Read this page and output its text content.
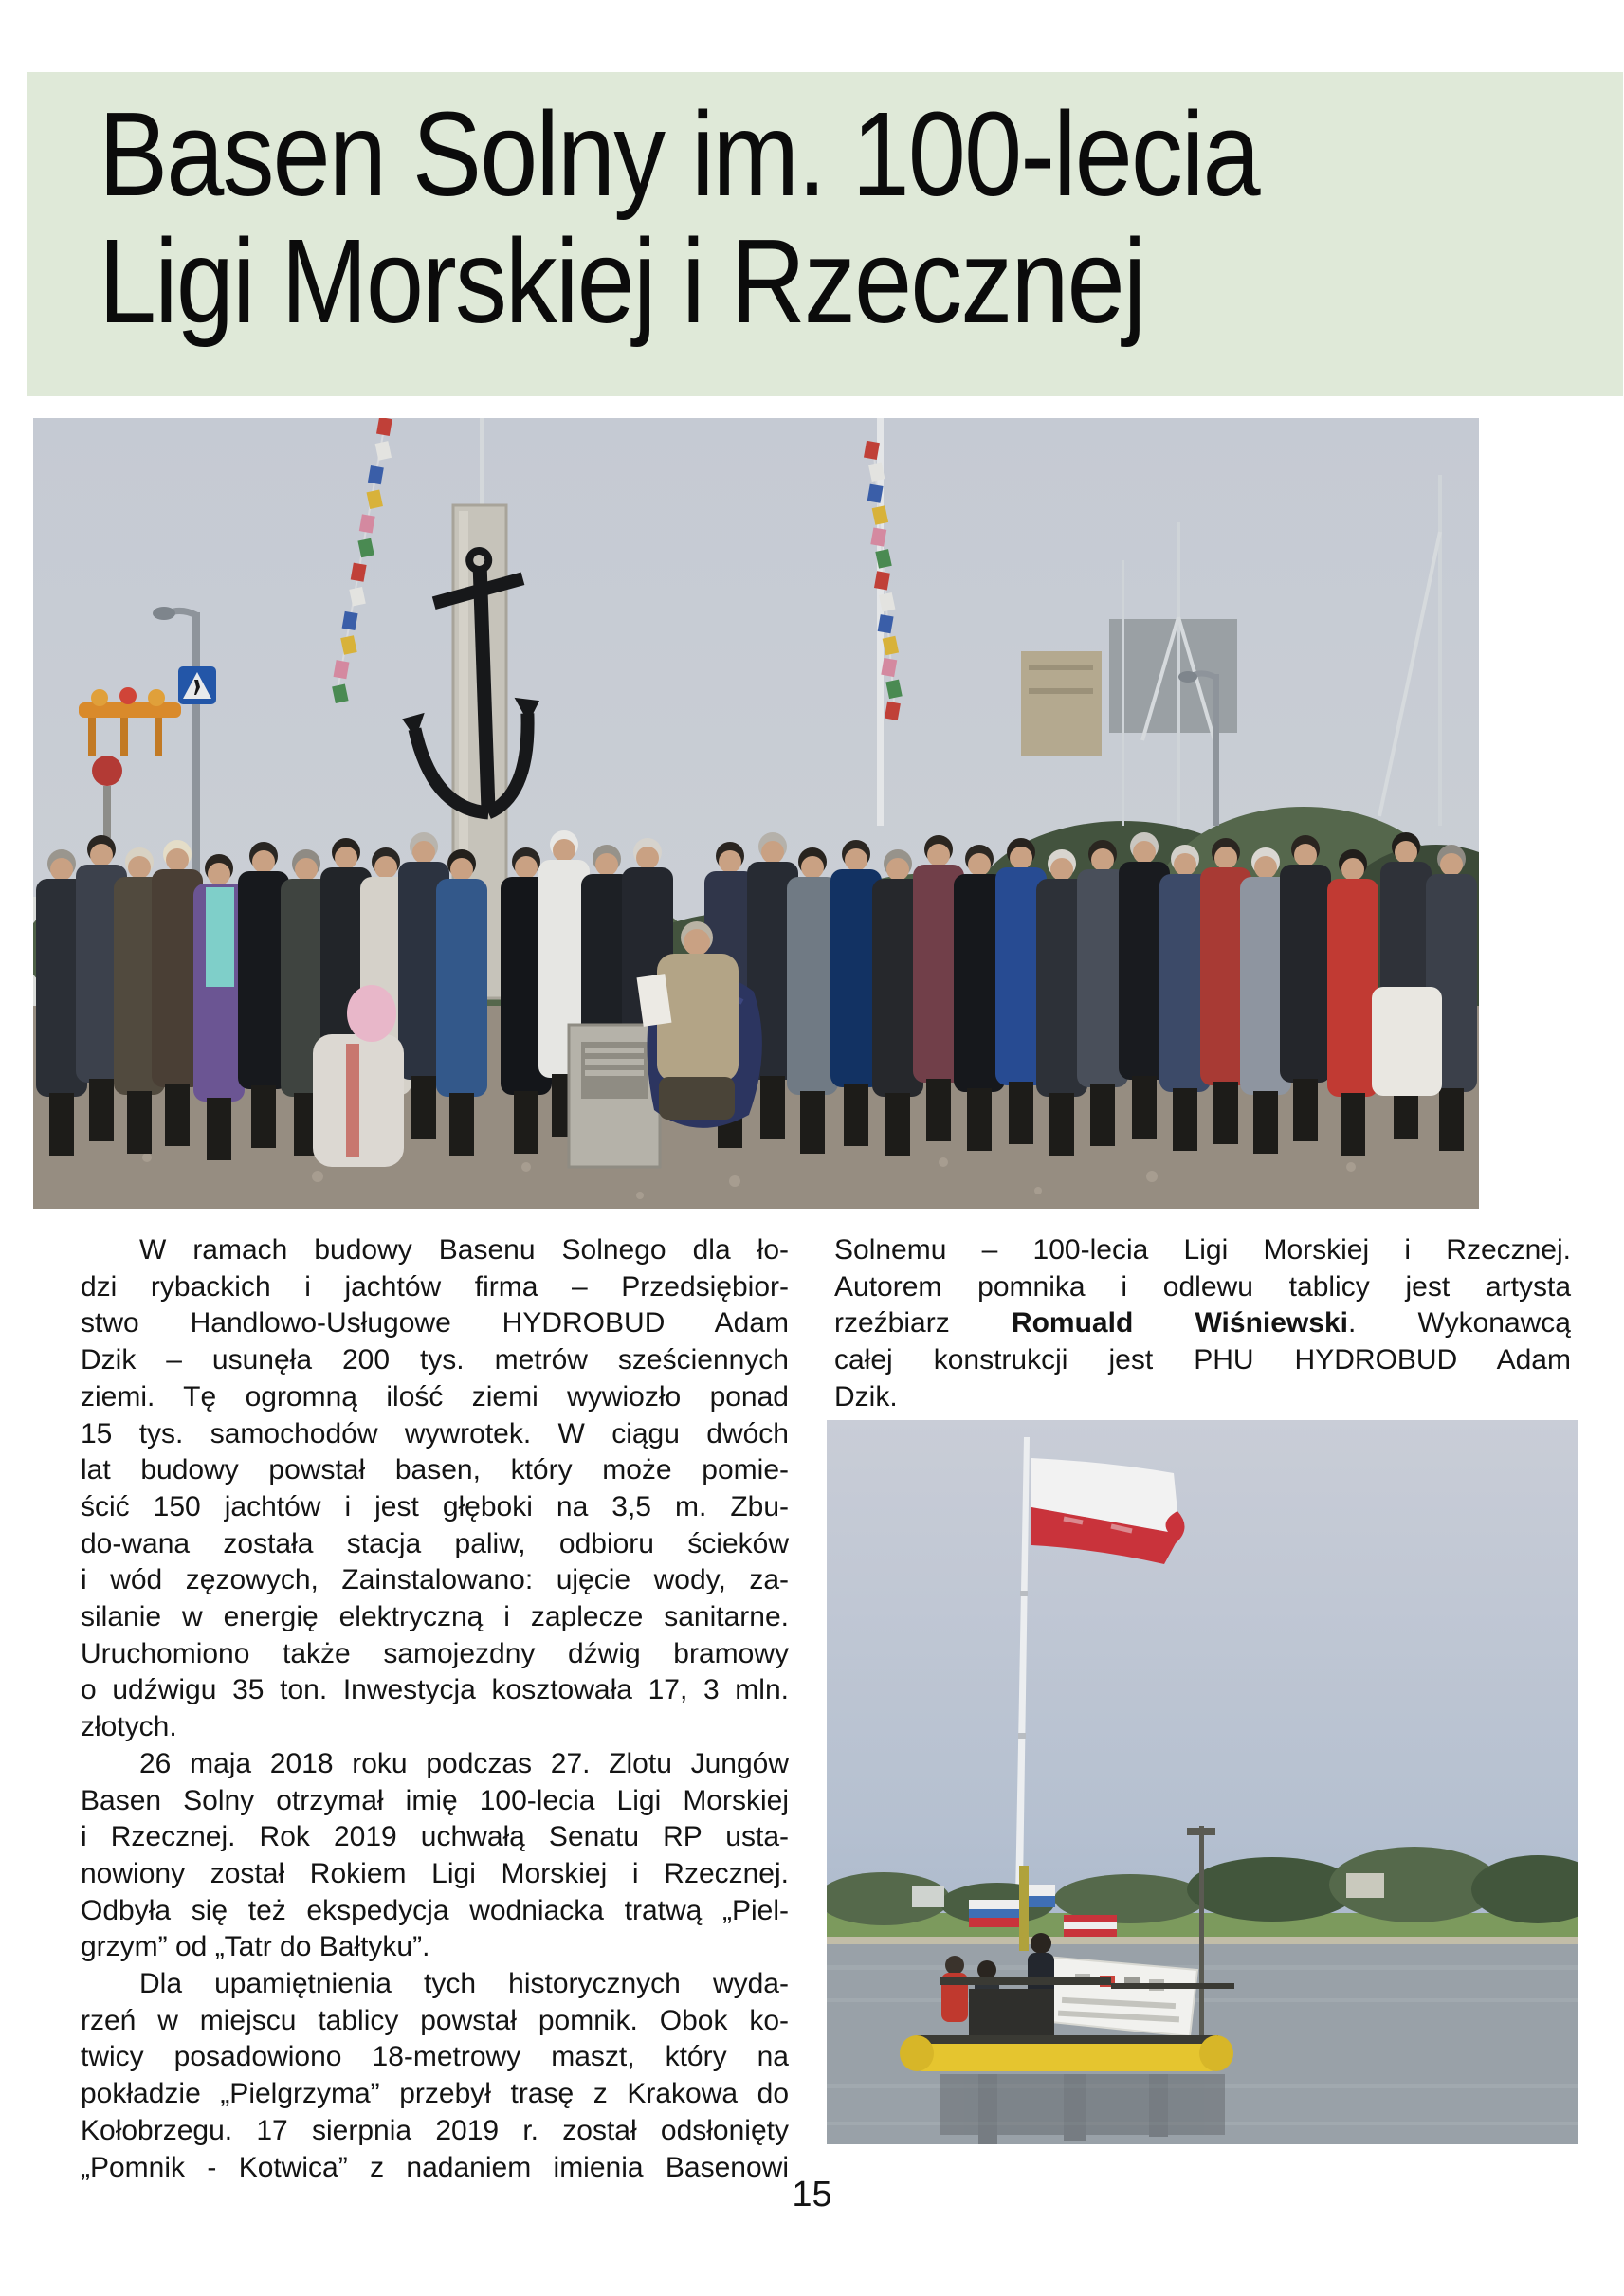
Basen Solny im. 100-lecia
Ligi Morskiej i Rzecznej
W ramach budowy Basenu Solnego dla ło-
dzi rybackich i jachtów firma – Przedsiębior-
stwo Handlowo-Usługowe HYDROBUD Adam
Dzik – usunęła 200 tys. metrów sześciennych
ziemi. Tę ogromną ilość ziemi wywiozło ponad
15 tys. samochodów wywrotek. W ciągu dwóch
lat budowy powstał basen, który może pomie-
ścić 150 jachtów i jest głęboki na 3,5 m. Zbu-
do-wana została stacja paliw, odbioru ścieków
i wód zęzowych, Zainstalowano: ujęcie wody, za-
silanie w energię elektryczną i zaplecze sanitarne.
Uruchomiono także samojezdny dźwig bramowy
o udźwigu 35 ton. Inwestycja kosztowała 17, 3 mln.
złotych.
26 maja 2018 roku podczas 27. Zlotu Jungów
Basen Solny otrzymał imię 100-lecia Ligi Morskiej
i Rzecznej. Rok 2019 uchwałą Senatu RP usta-
nowiony został Rokiem Ligi Morskiej i Rzecznej.
Odbyła się też ekspedycja wodniacka tratwą „Piel-
grzym” od „Tatr do Bałtyku”.
Dla upamiętnienia tych historycznych wyda-
rzeń w miejscu tablicy powstał pomnik. Obok ko-
twicy posadowiono 18-metrowy maszt, który na
pokładzie „Pielgrzyma” przebył trasę z Krakowa do
Kołobrzegu. 17 sierpnia 2019 r. został odsłonięty
„Pomnik - Kotwica” z nadaniem imienia Basenowi
Solnemu – 100-lecia Ligi Morskiej i Rzecznej.
Autorem pomnika i odlewu tablicy jest artysta
rzeźbiarz Romuald Wiśniewski. Wykonawcą
całej konstrukcji jest PHU HYDROBUD Adam
Dzik.
15
